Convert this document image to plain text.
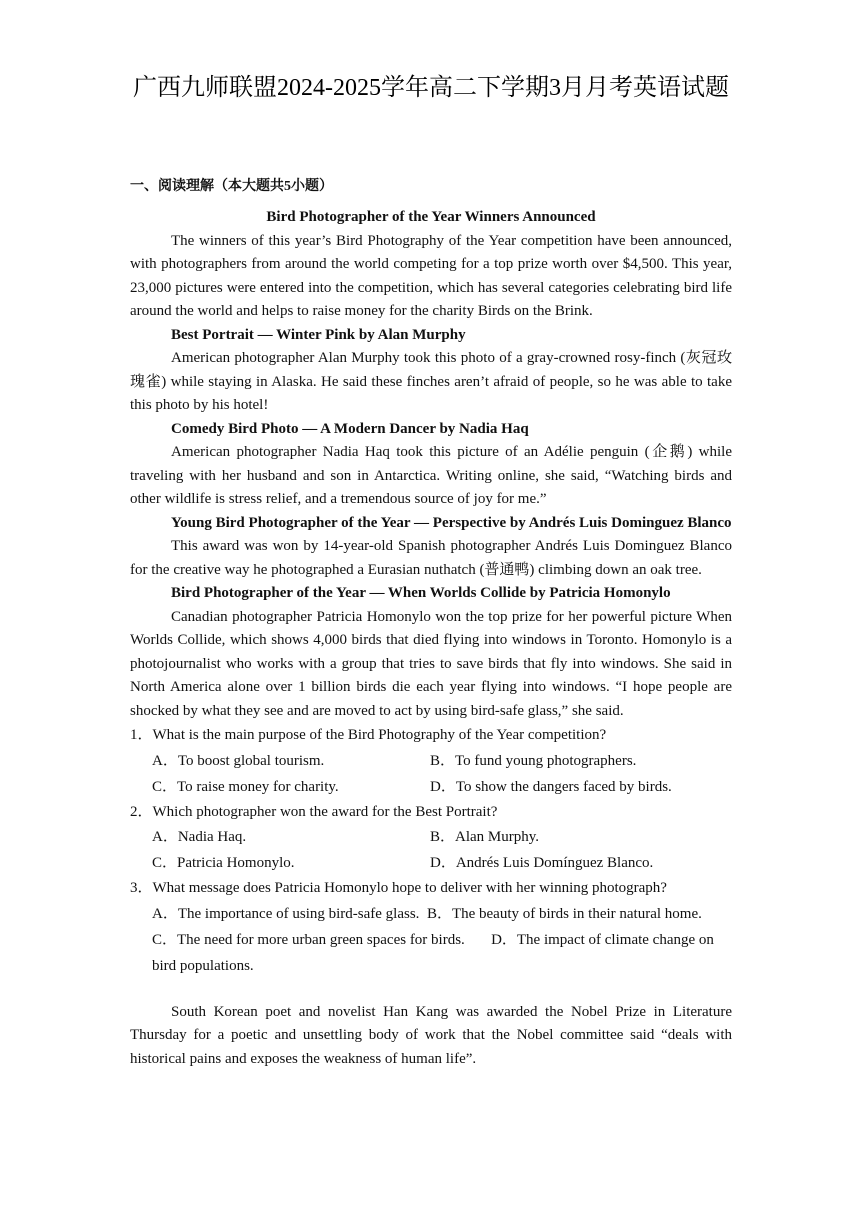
广西九师联盟2024-2025学年高二下学期3月月考英语试题
一、阅读理解（本大题共5小题）

Bird Photographer of the Year Winners Announced

The winners of this year’s Bird Photography of the Year competition have been announced, with photographers from around the world competing for a top prize worth over $4,500. This year, 23,000 pictures were entered into the competition, which has several categories celebrating bird life around the world and helps to raise money for the charity Birds on the Brink.

Best Portrait — Winter Pink by Alan Murphy

American photographer Alan Murphy took this photo of a gray-crowned rosy-finch (灰冠玫瑰雀) while staying in Alaska. He said these finches aren’t afraid of people, so he was able to take this photo by his hotel!

Comedy Bird Photo — A Modern Dancer by Nadia Haq

American photographer Nadia Haq took this picture of an Adélie penguin (企鹅) while traveling with her husband and son in Antarctica. Writing online, she said, “Watching birds and other wildlife is stress relief, and a tremendous source of joy for me.”

Young Bird Photographer of the Year — Perspective by Andrés Luis Dominguez Blanco

This award was won by 14-year-old Spanish photographer Andrés Luis Dominguez Blanco for the creative way he photographed a Eurasian nuthatch (普通鸭) climbing down an oak tree.

Bird Photographer of the Year — When Worlds Collide by Patricia Homonylo

Canadian photographer Patricia Homonylo won the top prize for her powerful picture When Worlds Collide, which shows 4,000 birds that died flying into windows in Toronto. Homonylo is a photojournalist who works with a group that tries to save birds that fly into windows. She said in North America alone over 1 billion birds die each year flying into windows. “I hope people are shocked by what they see and are moved to act by using bird-safe glass,” she said.

1．What is the main purpose of the Bird Photography of the Year competition?

A．To boost global tourism.	B．To fund young photographers.
C．To raise money for charity.	D．To show the dangers faced by birds.

2．Which photographer won the award for the Best Portrait?

A．Nadia Haq.	B．Alan Murphy.
C．Patricia Homonylo.	D．Andrés Luis Domínguez Blanco.

3．What message does Patricia Homonylo hope to deliver with her winning photograph?

A．The importance of using bird-safe glass. B．The beauty of birds in their natural home.
C．The need for more urban green spaces for birds. D．The impact of climate change on
bird populations.

South Korean poet and novelist Han Kang was awarded the Nobel Prize in Literature Thursday for a poetic and unsettling body of work that the Nobel committee said “deals with historical pains and exposes the weakness of human life”.
